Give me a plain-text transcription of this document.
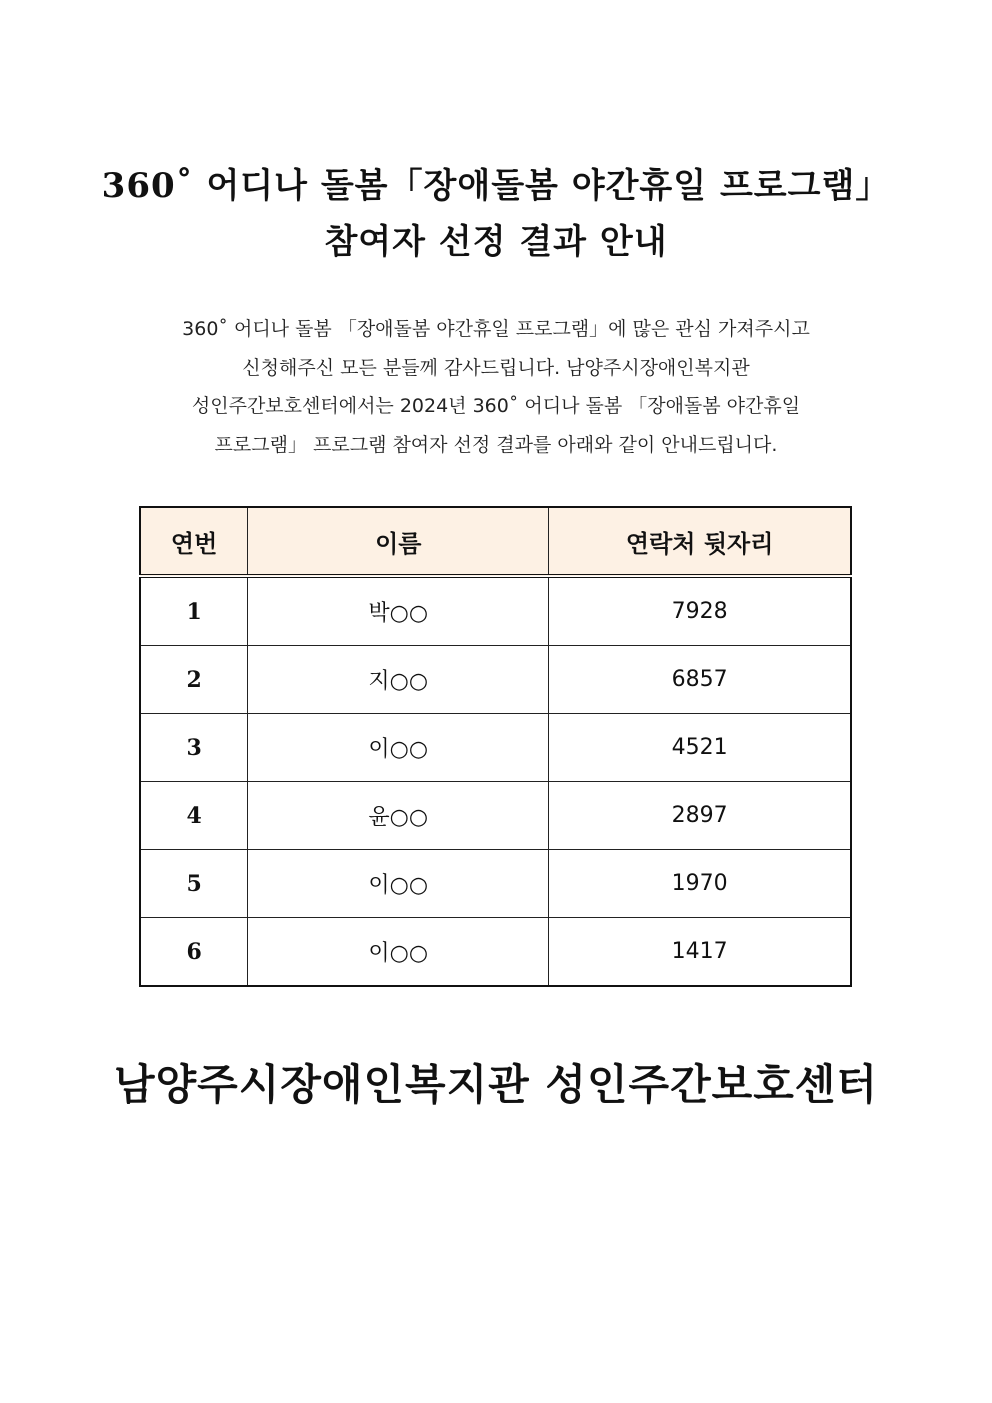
360˚ 어디나 돌봄「장애돌봄 야간휴일 프로그램」
참여자 선정 결과 안내
360˚ 어디나 돌봄 「장애돌봄 야간휴일 프로그램」에 많은 관심 가져주시고
신청해주신 모든 분들께 감사드립니다. 남양주시장애인복지관
성인주간보호센터에서는 2024년 360˚ 어디나 돌봄 「장애돌봄 야간휴일
프로그램」 프로그램 참여자 선정 결과를 아래와 같이 안내드립니다.
연번	이름	연락처 뒷자리
1	박○○	7928
2	지○○	6857
3	이○○	4521
4	윤○○	2897
5	이○○	1970
6	이○○	1417
남양주시장애인복지관 성인주간보호센터
